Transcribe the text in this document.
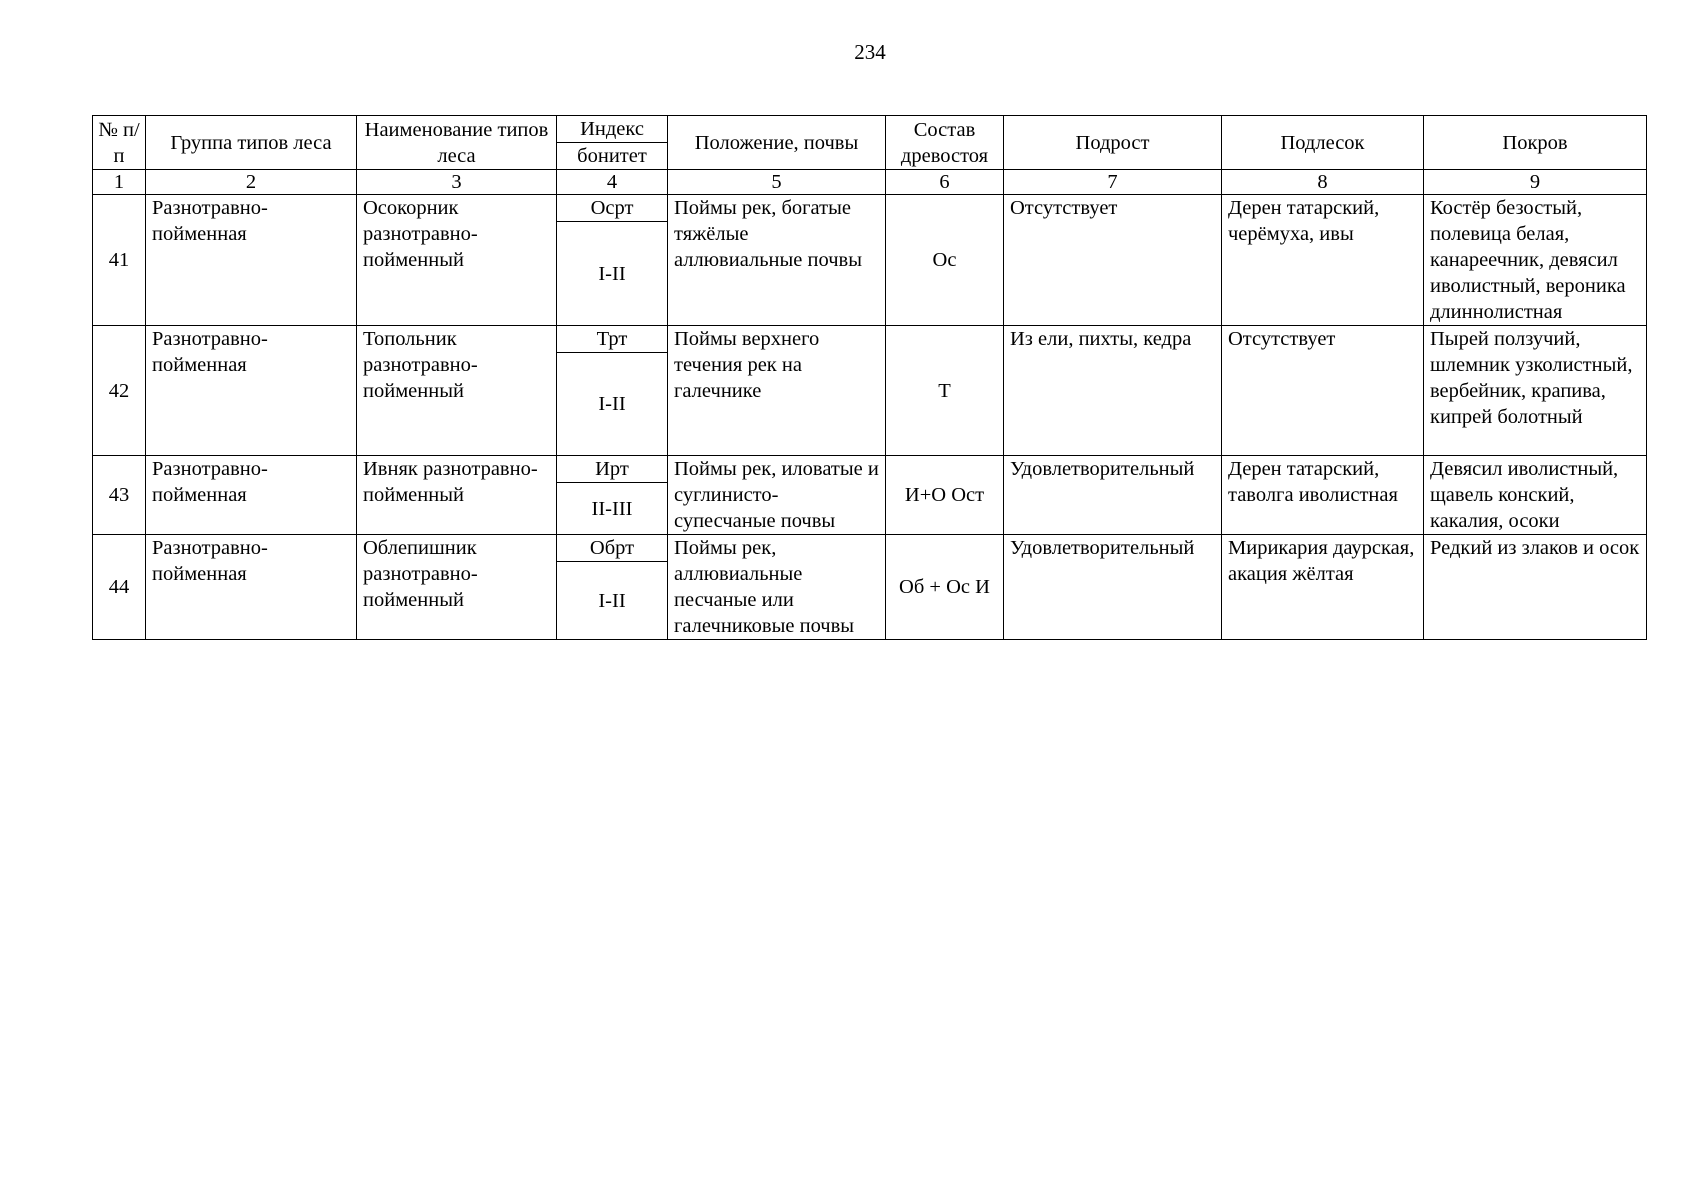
234
№ п/п	Группа типов леса	Наименование типов леса	Индекс	Положение, почвы	Состав древостоя	Подрост	Подлесок	Покров
			бонитет					
1	2	3	4	5	6	7	8	9
41	Разнотравно-пойменная	Осокорник разнотравно-пойменный	Осрт	Поймы рек, богатые тяжёлые аллювиальные почвы	Ос	Отсутствует	Дерен татарский, черёмуха, ивы	Костёр безостый, полевица белая, канареечник, девясил иволистный, вероника длиннолистная
			I-II					
42	Разнотравно-пойменная	Топольник разнотравно-пойменный	Трт	Поймы верхнего течения рек на галечнике	Т	Из ели, пихты, кедра	Отсутствует	Пырей ползучий, шлемник узколистный, вербейник, крапива, кипрей болотный
			I-II					
43	Разнотравно-пойменная	Ивняк разнотравно-пойменный	Ирт	Поймы рек, иловатые и суглинисто-супесчаные почвы	И+О Ост	Удовлетворительный	Дерен татарский, таволга иволистная	Девясил иволистный, щавель конский, какалия, осоки
			II-III					
44	Разнотравно-пойменная	Облепишник разнотравно-пойменный	Обрт	Поймы рек, аллювиальные песчаные или галечниковые почвы	Об + Ос И	Удовлетворительный	Мирикария даурская, акация жёлтая	Редкий из злаков и осок
			I-II					
